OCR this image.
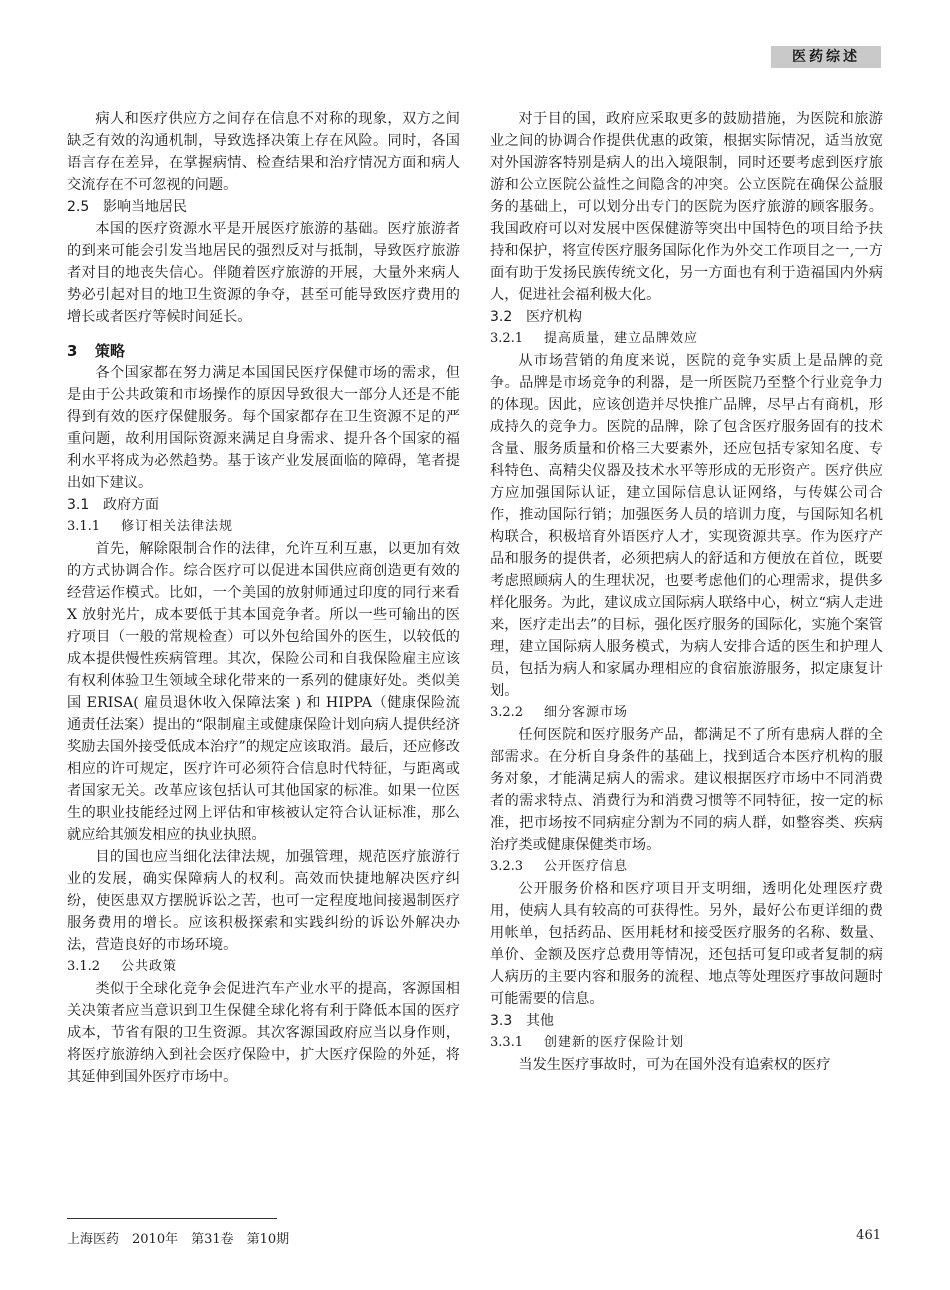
医药综述

病人和医疗供应方之间存在信息不对称的现象，双方之间缺乏有效的沟通机制，导致选择决策上存在风险。同时，各国语言存在差异，在掌握病情、检查结果和治疗情况方面和病人交流存在不可忽视的问题。

2.5 影响当地居民

本国的医疗资源水平是开展医疗旅游的基础。医疗旅游者的到来可能会引发当地居民的强烈反对与抵制，导致医疗旅游者对目的地丧失信心。伴随着医疗旅游的开展，大量外来病人势必引起对目的地卫生资源的争夺，甚至可能导致医疗费用的增长或者医疗等候时间延长。

3 策略

各个国家都在努力满足本国国民医疗保健市场的需求，但是由于公共政策和市场操作的原因导致很大一部分人还是不能得到有效的医疗保健服务。每个国家都存在卫生资源不足的严重问题，故利用国际资源来满足自身需求、提升各个国家的福利水平将成为必然趋势。基于该产业发展面临的障碍，笔者提出如下建议。

3.1 政府方面
3.1.1 修订相关法律法规

首先，解除限制合作的法律，允许互利互惠，以更加有效的方式协调合作。综合医疗可以促进本国供应商创造更有效的经营运作模式。比如，一个美国的放射师通过印度的同行来看 X 放射光片，成本要低于其本国竞争者。所以一些可输出的医疗项目（一般的常规检查）可以外包给国外的医生，以较低的成本提供慢性疾病管理。其次，保险公司和自我保险雇主应该有权利体验卫生领域全球化带来的一系列的健康好处。类似美国 ERISA( 雇员退休收入保障法案 ) 和 HIPPA（健康保险流通责任法案）提出的“限制雇主或健康保险计划向病人提供经济奖励去国外接受低成本治疗”的规定应该取消。最后，还应修改相应的许可规定，医疗许可必须符合信息时代特征，与距离或者国家无关。改革应该包括认可其他国家的标准。如果一位医生的职业技能经过网上评估和审核被认定符合认证标准，那么就应给其颁发相应的执业执照。

目的国也应当细化法律法规，加强管理，规范医疗旅游行业的发展，确实保障病人的权利。高效而快捷地解决医疗纠纷，使医患双方摆脱诉讼之苦，也可一定程度地间接遏制医疗服务费用的增长。应该积极探索和实践纠纷的诉讼外解决办法，营造良好的市场环境。

3.1.2 公共政策

类似于全球化竞争会促进汽车产业水平的提高，客源国相关决策者应当意识到卫生保健全球化将有利于降低本国的医疗成本，节省有限的卫生资源。其次客源国政府应当以身作则，将医疗旅游纳入到社会医疗保险中，扩大医疗保险的外延，将其延伸到国外医疗市场中。

对于目的国，政府应采取更多的鼓励措施，为医院和旅游业之间的协调合作提供优惠的政策，根据实际情况，适当放宽对外国游客特别是病人的出入境限制，同时还要考虑到医疗旅游和公立医院公益性之间隐含的冲突。公立医院在确保公益服务的基础上，可以划分出专门的医院为医疗旅游的顾客服务。我国政府可以对发展中医保健游等突出中国特色的项目给予扶持和保护，将宣传医疗服务国际化作为外交工作项目之一,一方面有助于发扬民族传统文化，另一方面也有利于造福国内外病人，促进社会福利极大化。

3.2 医疗机构
3.2.1 提高质量，建立品牌效应

从市场营销的角度来说，医院的竞争实质上是品牌的竞争。品牌是市场竞争的利器，是一所医院乃至整个行业竞争力的体现。因此，应该创造并尽快推广品牌，尽早占有商机，形成持久的竞争力。医院的品牌，除了包含医疗服务固有的技术含量、服务质量和价格三大要素外，还应包括专家知名度、专科特色、高精尖仪器及技术水平等形成的无形资产。医疗供应方应加强国际认证，建立国际信息认证网络，与传媒公司合作，推动国际行销；加强医务人员的培训力度，与国际知名机构联合，积极培育外语医疗人才，实现资源共享。作为医疗产品和服务的提供者，必须把病人的舒适和方便放在首位，既要考虑照顾病人的生理状况，也要考虑他们的心理需求，提供多样化服务。为此，建议成立国际病人联络中心，树立“病人走进来，医疗走出去”的目标，强化医疗服务的国际化，实施个案管理，建立国际病人服务模式，为病人安排合适的医生和护理人员，包括为病人和家属办理相应的食宿旅游服务，拟定康复计划。

3.2.2 细分客源市场

任何医院和医疗服务产品，都满足不了所有患病人群的全部需求。在分析自身条件的基础上，找到适合本医疗机构的服务对象，才能满足病人的需求。建议根据医疗市场中不同消费者的需求特点、消费行为和消费习惯等不同特征，按一定的标准，把市场按不同病症分割为不同的病人群，如整容类、疾病治疗类或健康保健类市场。

3.2.3 公开医疗信息

公开服务价格和医疗项目开支明细，透明化处理医疗费用，使病人具有较高的可获得性。另外，最好公布更详细的费用帐单，包括药品、医用耗材和接受医疗服务的名称、数量、单价、金额及医疗总费用等情况，还包括可复印或者复制的病人病历的主要内容和服务的流程、地点等处理医疗事故问题时可能需要的信息。

3.3 其他
3.3.1 创建新的医疗保险计划

当发生医疗事故时，可为在国外没有追索权的医疗

上海医药　2010年　第31卷　第10期	461
